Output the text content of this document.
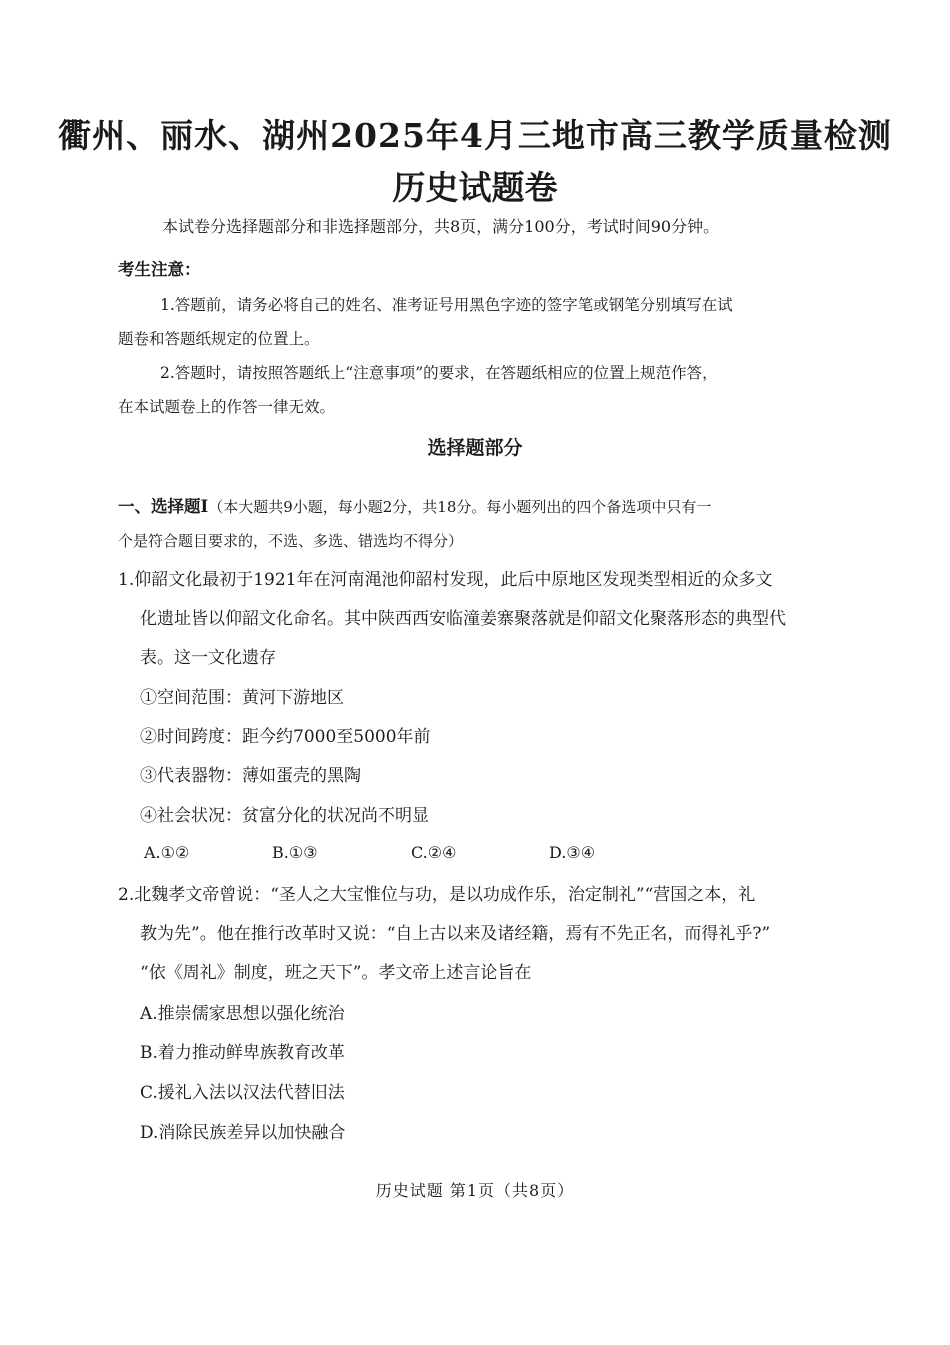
衢州、丽水、湖州2025年4月三地市高三教学质量检测
历史试题卷
本试卷分选择题部分和非选择题部分，共8页，满分100分，考试时间90分钟。
考生注意：
1.答题前，请务必将自己的姓名、准考证号用黑色字迹的签字笔或钢笔分别填写在试
题卷和答题纸规定的位置上。
2.答题时，请按照答题纸上“注意事项”的要求，在答题纸相应的位置上规范作答，
在本试题卷上的作答一律无效。
选择题部分
一、选择题Ⅰ（本大题共9小题，每小题2分，共18分。每小题列出的四个备选项中只有一
个是符合题目要求的，不选、多选、错选均不得分）
1.仰韶文化最初于1921年在河南渑池仰韶村发现，此后中原地区发现类型相近的众多文
化遗址皆以仰韶文化命名。其中陕西西安临潼姜寨聚落就是仰韶文化聚落形态的典型代
表。这一文化遗存
①空间范围：黄河下游地区
②时间跨度：距今约7000至5000年前
③代表器物：薄如蛋壳的黑陶
④社会状况：贫富分化的状况尚不明显
A.①②	B.①③	C.②④	D.③④
2.北魏孝文帝曾说：“圣人之大宝惟位与功，是以功成作乐，治定制礼”“营国之本，礼
教为先”。他在推行改革时又说：“自上古以来及诸经籍，焉有不先正名，而得礼乎?”
“依《周礼》制度，班之天下”。孝文帝上述言论旨在
A.推崇儒家思想以强化统治
B.着力推动鲜卑族教育改革
C.援礼入法以汉法代替旧法
D.消除民族差异以加快融合
历史试题 第1页（共8页）
